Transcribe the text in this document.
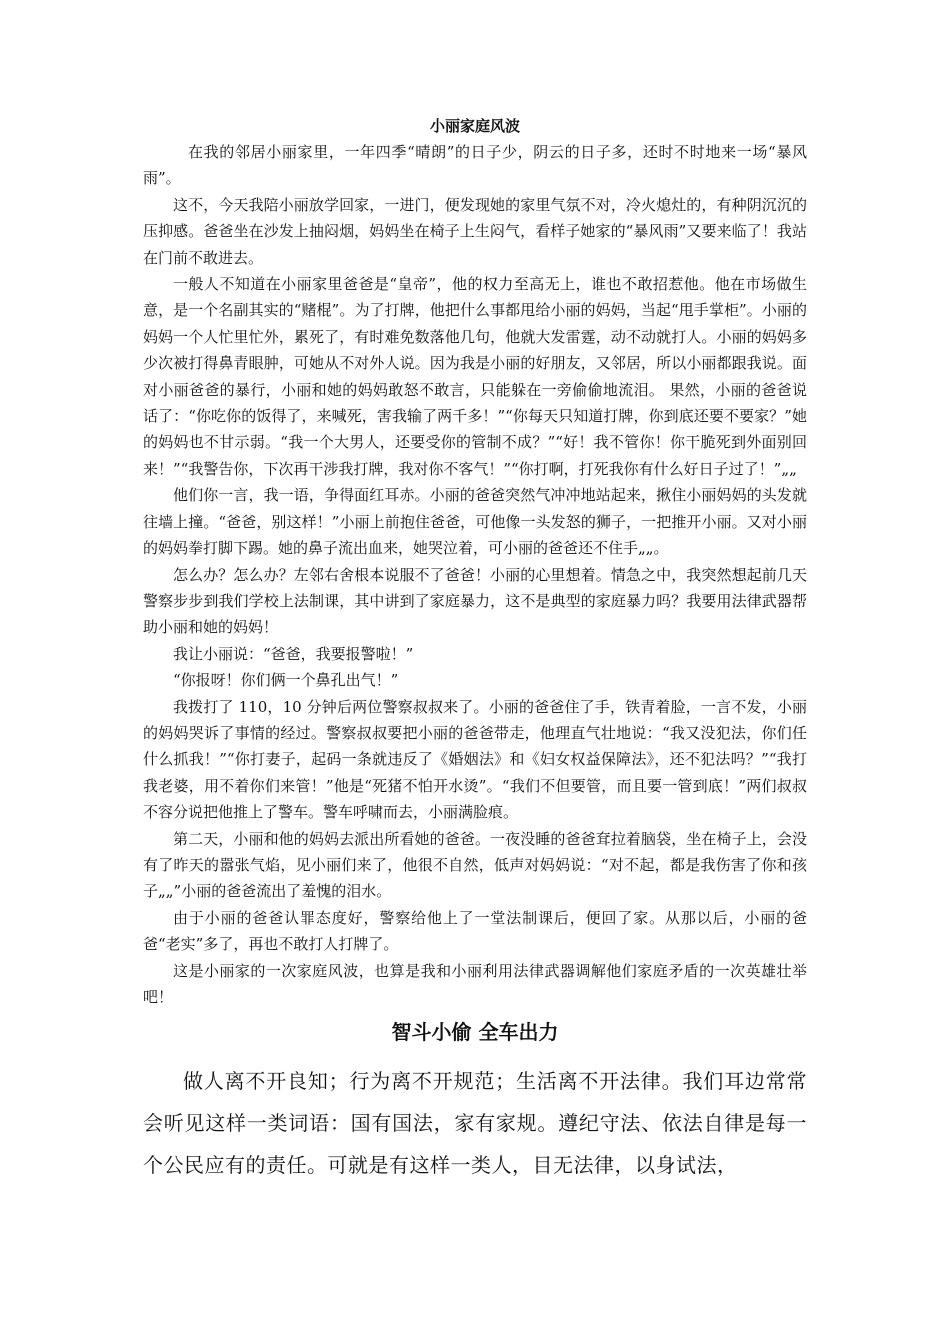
小丽家庭风波

在我的邻居小丽家里，一年四季“晴朗”的日子少，阴云的日子多，还时不时地来一场“暴风雨”。

这不，今天我陪小丽放学回家，一进门，便发现她的家里气氛不对，冷火熄灶的，有种阴沉沉的压抑感。爸爸坐在沙发上抽闷烟，妈妈坐在椅子上生闷气，看样子她家的“暴风雨”又要来临了！我站在门前不敢进去。

一般人不知道在小丽家里爸爸是“皇帝”，他的权力至高无上，谁也不敢招惹他。他在市场做生意，是一个名副其实的“赌棍”。为了打牌，他把什么事都甩给小丽的妈妈，当起“甩手掌柜”。小丽的妈妈一个人忙里忙外，累死了，有时难免数落他几句，他就大发雷霆，动不动就打人。小丽的妈妈多少次被打得鼻青眼肿，可她从不对外人说。因为我是小丽的好朋友，又邻居，所以小丽都跟我说。面对小丽爸爸的暴行，小丽和她的妈妈敢怒不敢言，只能躲在一旁偷偷地流泪。 果然，小丽的爸爸说话了：“你吃你的饭得了，来喊死，害我输了两千多！”“你每天只知道打牌，你到底还要不要家？”她的妈妈也不甘示弱。“我一个大男人，还要受你的管制不成？”“好！我不管你！你干脆死到外面别回来！”“我警告你，下次再干涉我打牌，我对你不客气！”“你打啊，打死我你有什么好日子过了！”„„

他们你一言，我一语，争得面红耳赤。小丽的爸爸突然气冲冲地站起来，揪住小丽妈妈的头发就往墙上撞。“爸爸，别这样！”小丽上前抱住爸爸，可他像一头发怒的狮子，一把推开小丽。又对小丽的妈妈拳打脚下踢。她的鼻子流出血来，她哭泣着，可小丽的爸爸还不住手„„。

怎么办？怎么办？左邻右舍根本说服不了爸爸！小丽的心里想着。情急之中，我突然想起前几天警察步步到我们学校上法制课，其中讲到了家庭暴力，这不是典型的家庭暴力吗？我要用法律武器帮助小丽和她的妈妈！

我让小丽说：“爸爸，我要报警啦！”

“你报呀！你们俩一个鼻孔出气！”

我拨打了 110，10 分钟后两位警察叔叔来了。小丽的爸爸住了手，铁青着脸，一言不发，小丽的妈妈哭诉了事情的经过。警察叔叔要把小丽的爸爸带走，他理直气壮地说：“我又没犯法，你们任什么抓我！”“你打妻子，起码一条就违反了《婚姻法》和《妇女权益保障法》，还不犯法吗？”“我打我老婆，用不着你们来管！”他是“死猪不怕开水烫”。“我们不但要管，而且要一管到底！”两们叔叔不容分说把他推上了警车。警车呼啸而去，小丽满脸痕。

第二天，小丽和他的妈妈去派出所看她的爸爸。一夜没睡的爸爸耷拉着脑袋，坐在椅子上，会没有了昨天的嚣张气焰，见小丽们来了，他很不自然，低声对妈妈说：“对不起，都是我伤害了你和孩子„„”小丽的爸爸流出了羞愧的泪水。

由于小丽的爸爸认罪态度好，警察给他上了一堂法制课后，便回了家。从那以后，小丽的爸爸“老实”多了，再也不敢打人打牌了。

这是小丽家的一次家庭风波，也算是我和小丽利用法律武器调解他们家庭矛盾的一次英雄壮举吧！

智斗小偷 全车出力

做人离不开良知；行为离不开规范；生活离不开法律。我们耳边常常会听见这样一类词语：国有国法，家有家规。遵纪守法、依法自律是每一个公民应有的责任。可就是有这样一类人，目无法律，以身试法，
